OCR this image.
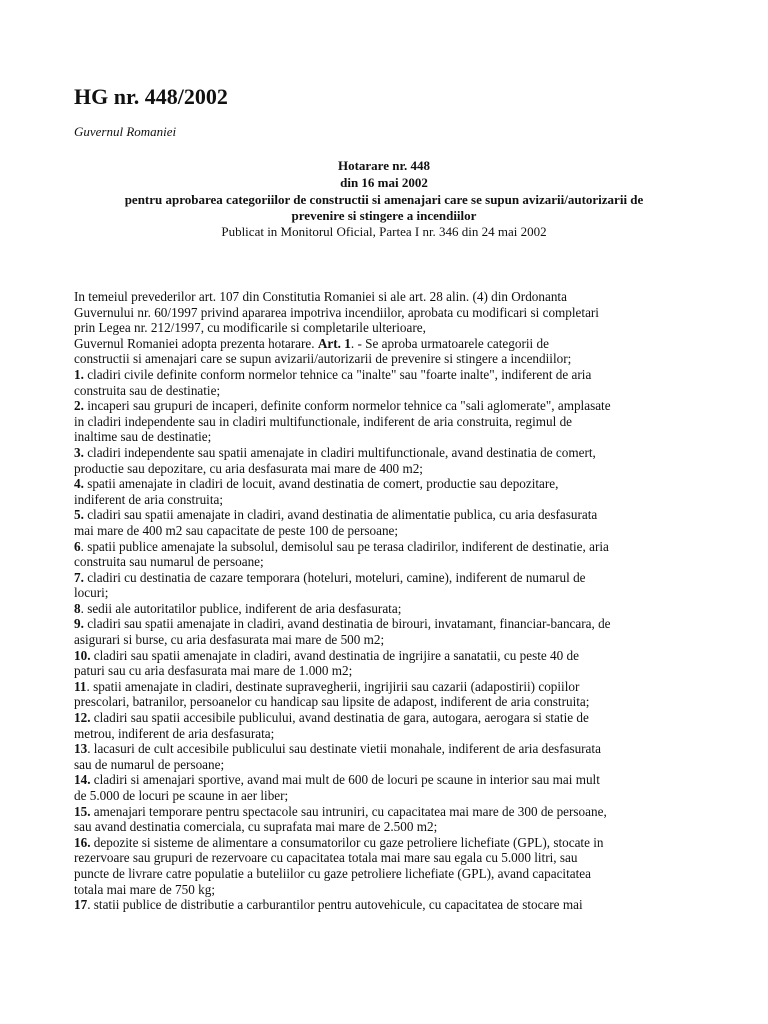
HG nr. 448/2002
Guvernul Romaniei
Hotarare nr. 448
din 16 mai 2002
pentru aprobarea categoriilor de constructii si amenajari care se supun avizarii/autorizarii de
prevenire si stingere a incendiilor
Publicat in Monitorul Oficial, Partea I nr. 346 din 24 mai 2002

In temeiul prevederilor art. 107 din Constitutia Romaniei si ale art. 28 alin. (4) din Ordonanta

Guvernului nr. 60/1997 privind apararea impotriva incendiilor, aprobata cu modificari si completari

prin Legea nr. 212/1997, cu modificarile si completarile ulterioare,

Guvernul Romaniei adopta prezenta hotarare. Art. 1. - Se aproba urmatoarele categorii de

constructii si amenajari care se supun avizarii/autorizarii de prevenire si stingere a incendiilor;

1. cladiri civile definite conform normelor tehnice ca "inalte" sau "foarte inalte", indiferent de aria

construita sau de destinatie;

2. incaperi sau grupuri de incaperi, definite conform normelor tehnice ca "sali aglomerate", amplasate

in cladiri independente sau in cladiri multifunctionale, indiferent de aria construita, regimul de

inaltime sau de destinatie;

3. cladiri independente sau spatii amenajate in cladiri multifunctionale, avand destinatia de comert,

productie sau depozitare, cu aria desfasurata mai mare de 400 m2;

4. spatii amenajate in cladiri de locuit, avand destinatia de comert, productie sau depozitare,

indiferent de aria construita;

5. cladiri sau spatii amenajate in cladiri, avand destinatia de alimentatie publica, cu aria desfasurata

mai mare de 400 m2 sau capacitate de peste 100 de persoane;

6. spatii publice amenajate la subsolul, demisolul sau pe terasa cladirilor, indiferent de destinatie, aria

construita sau numarul de persoane;

7. cladiri cu destinatia de cazare temporara (hoteluri, moteluri, camine), indiferent de numarul de

locuri;

8. sedii ale autoritatilor publice, indiferent de aria desfasurata;

9. cladiri sau spatii amenajate in cladiri, avand destinatia de birouri, invatamant, financiar-bancara, de

asigurari si burse, cu aria desfasurata mai mare de 500 m2;

10. cladiri sau spatii amenajate in cladiri, avand destinatia de ingrijire a sanatatii, cu peste 40 de

paturi sau cu aria desfasurata mai mare de 1.000 m2;

11. spatii amenajate in cladiri, destinate supravegherii, ingrijirii sau cazarii (adapostirii) copiilor

prescolari, batranilor, persoanelor cu handicap sau lipsite de adapost, indiferent de aria construita;

12. cladiri sau spatii accesibile publicului, avand destinatia de gara, autogara, aerogara si statie de

metrou, indiferent de aria desfasurata;

13. lacasuri de cult accesibile publicului sau destinate vietii monahale, indiferent de aria desfasurata

sau de numarul de persoane;

14. cladiri si amenajari sportive, avand mai mult de 600 de locuri pe scaune in interior sau mai mult

de 5.000 de locuri pe scaune in aer liber;

15. amenajari temporare pentru spectacole sau intruniri, cu capacitatea mai mare de 300 de persoane,

sau avand destinatia comerciala, cu suprafata mai mare de 2.500 m2;

16. depozite si sisteme de alimentare a consumatorilor cu gaze petroliere lichefiate (GPL), stocate in

rezervoare sau grupuri de rezervoare cu capacitatea totala mai mare sau egala cu 5.000 litri, sau

puncte de livrare catre populatie a buteliilor cu gaze petroliere lichefiate (GPL), avand capacitatea

totala mai mare de 750 kg;

17. statii publice de distributie a carburantilor pentru autovehicule, cu capacitatea de stocare mai
